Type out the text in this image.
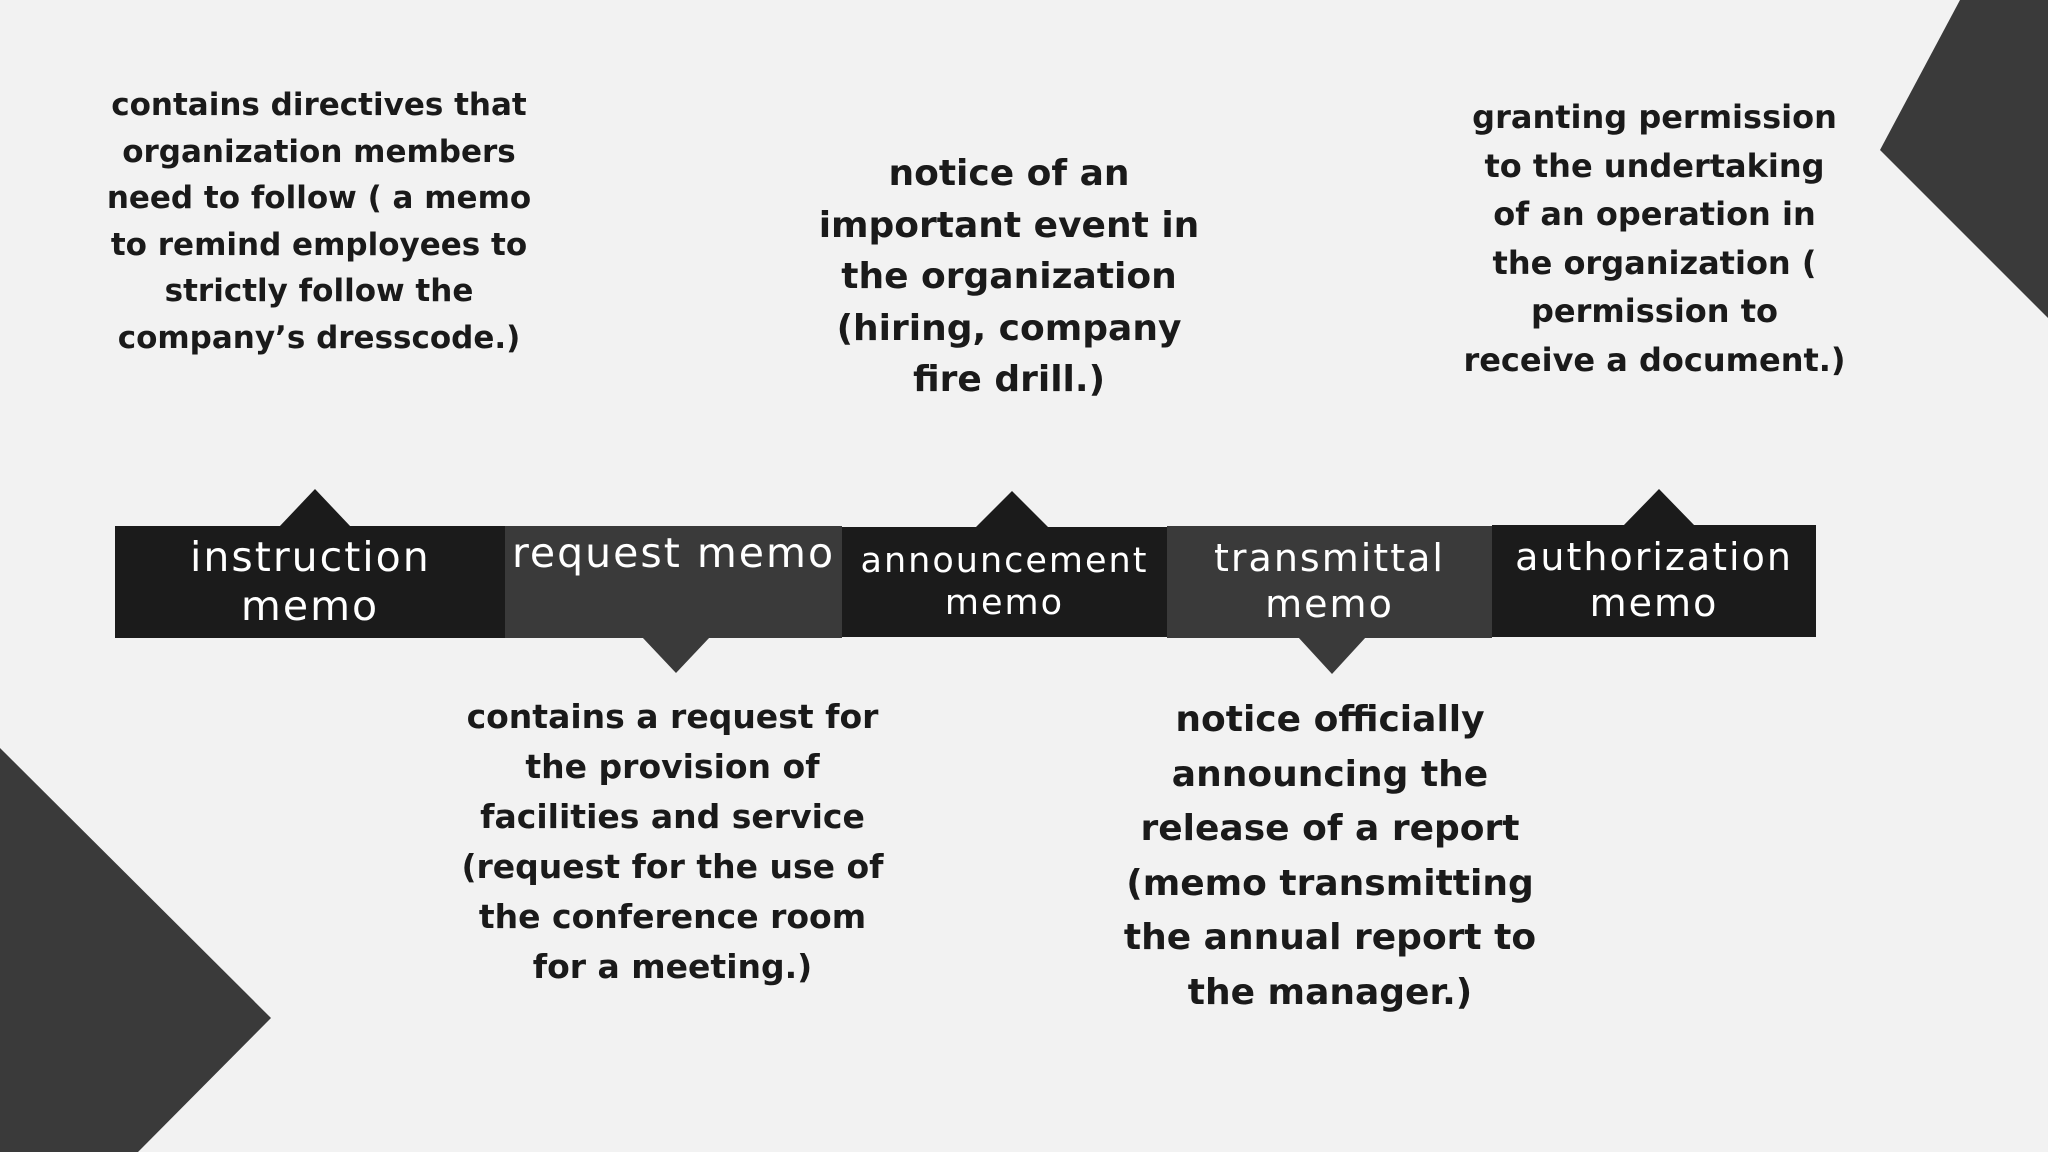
instruction memo
request memo announcement memo
transmittal memo
authorization memo
contains directives that organization members need to follow ( a memo to remind employees to strictly follow the company’s dresscode.)
contains a request for the provision of facilities and service (request for the use of the conference room for a meeting.)
notice of an important event in the organization (hiring, company fire drill.)
notice officially announcing the release of a report (memo transmitting the annual report to the manager.)
granting permission to the undertaking of an operation in the organization ( permission to receive a document.)
